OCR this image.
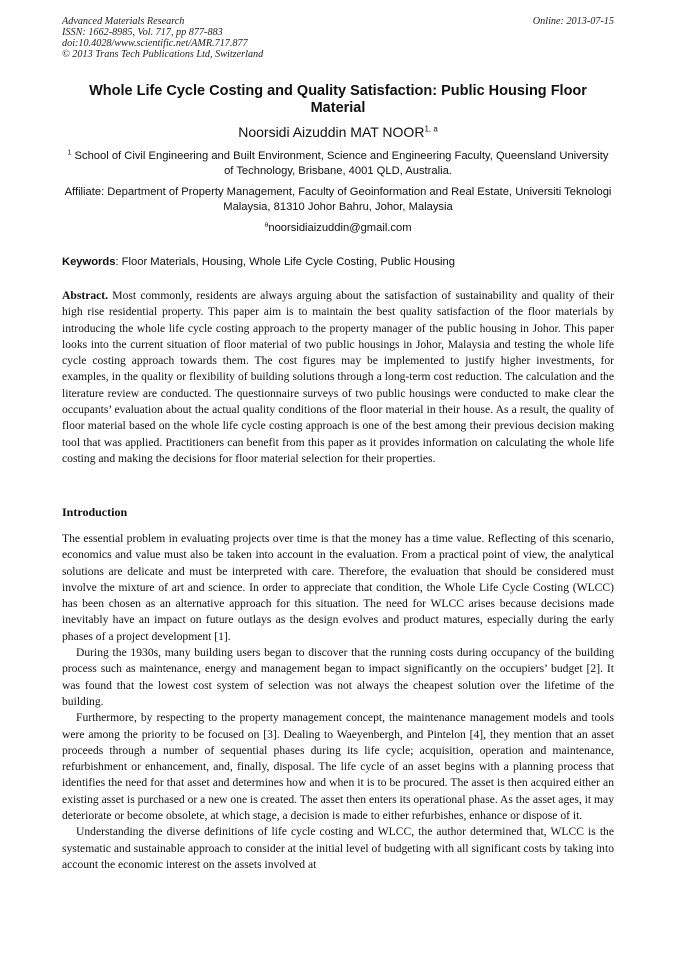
Advanced Materials Research
ISSN: 1662-8985, Vol. 717, pp 877-883
doi:10.4028/www.scientific.net/AMR.717.877
© 2013 Trans Tech Publications Ltd, Switzerland
Online: 2013-07-15
Whole Life Cycle Costing and Quality Satisfaction: Public Housing Floor Material
Noorsidi Aizuddin MAT NOOR$^{1, a}$
$^1$ School of Civil Engineering and Built Environment, Science and Engineering Faculty, Queensland University of Technology, Brisbane, 4001 QLD, Australia.
Affiliate: Department of Property Management, Faculty of Geoinformation and Real Estate, Universiti Teknologi Malaysia, 81310 Johor Bahru, Johor, Malaysia
$^a$noorsidiaizuddin@gmail.com
Keywords: Floor Materials, Housing, Whole Life Cycle Costing, Public Housing

Abstract. Most commonly, residents are always arguing about the satisfaction of sustainability and quality of their high rise residential property. This paper aim is to maintain the best quality satisfaction of the floor materials by introducing the whole life cycle costing approach to the property manager of the public housing in Johor. This paper looks into the current situation of floor material of two public housings in Johor, Malaysia and testing the whole life cycle costing approach towards them. The cost figures may be implemented to justify higher investments, for examples, in the quality or flexibility of building solutions through a long-term cost reduction. The calculation and the literature review are conducted. The questionnaire surveys of two public housings were conducted to make clear the occupants’ evaluation about the actual quality conditions of the floor material in their house. As a result, the quality of floor material based on the whole life cycle costing approach is one of the best among their previous decision making tool that was applied. Practitioners can benefit from this paper as it provides information on calculating the whole life costing and making the decisions for floor material selection for their properties.

Introduction

The essential problem in evaluating projects over time is that the money has a time value. Reflecting of this scenario, economics and value must also be taken into account in the evaluation. From a practical point of view, the analytical solutions are delicate and must be interpreted with care. Therefore, the evaluation that should be considered must involve the mixture of art and science. In order to appreciate that condition, the Whole Life Cycle Costing (WLCC) has been chosen as an alternative approach for this situation. The need for WLCC arises because decisions made inevitably have an impact on future outlays as the design evolves and product matures, especially during the early phases of a project development [1].

During the 1930s, many building users began to discover that the running costs during occupancy of the building process such as maintenance, energy and management began to impact significantly on the occupiers’ budget [2]. It was found that the lowest cost system of selection was not always the cheapest solution over the lifetime of the building.

Furthermore, by respecting to the property management concept, the maintenance management models and tools were among the priority to be focused on [3]. Dealing to Waeyenbergh, and Pintelon [4], they mention that an asset proceeds through a number of sequential phases during its life cycle; acquisition, operation and maintenance, refurbishment or enhancement, and, finally, disposal. The life cycle of an asset begins with a planning process that identifies the need for that asset and determines how and when it is to be procured. The asset is then acquired either an existing asset is purchased or a new one is created. The asset then enters its operational phase. As the asset ages, it may deteriorate or become obsolete, at which stage, a decision is made to either refurbishes, enhance or dispose of it.

Understanding the diverse definitions of life cycle costing and WLCC, the author determined that, WLCC is the systematic and sustainable approach to consider at the initial level of budgeting with all significant costs by taking into account the economic interest on the assets involved at
